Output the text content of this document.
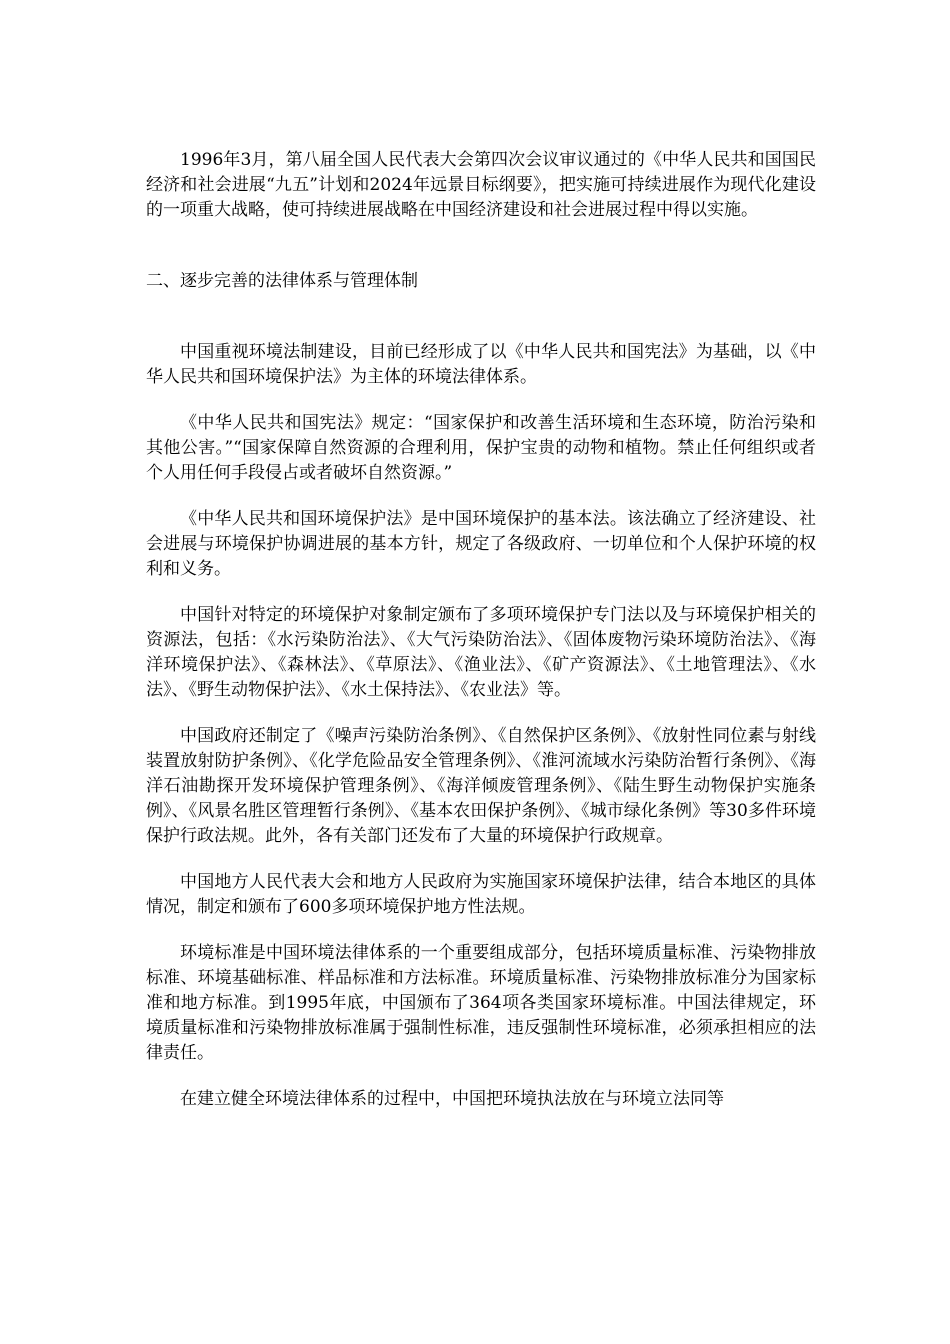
1996年3月，第八届全国人民代表大会第四次会议审议通过的《中华人民共和国国民经济和社会进展“九五”计划和2024年远景目标纲要》，把实施可持续进展作为现代化建设的一项重大战略，使可持续进展战略在中国经济建设和社会进展过程中得以实施。

二、逐步完善的法律体系与管理体制

中国重视环境法制建设，目前已经形成了以《中华人民共和国宪法》为基础，以《中华人民共和国环境保护法》为主体的环境法律体系。

《中华人民共和国宪法》规定：“国家保护和改善生活环境和生态环境，防治污染和其他公害。”“国家保障自然资源的合理利用，保护宝贵的动物和植物。禁止任何组织或者个人用任何手段侵占或者破坏自然资源。”

《中华人民共和国环境保护法》是中国环境保护的基本法。该法确立了经济建设、社会进展与环境保护协调进展的基本方针，规定了各级政府、一切单位和个人保护环境的权利和义务。

中国针对特定的环境保护对象制定颁布了多项环境保护专门法以及与环境保护相关的资源法，包括：《水污染防治法》、《大气污染防治法》、《固体废物污染环境防治法》、《海洋环境保护法》、《森林法》、《草原法》、《渔业法》、《矿产资源法》、《土地管理法》、《水法》、《野生动物保护法》、《水土保持法》、《农业法》等。

中国政府还制定了《噪声污染防治条例》、《自然保护区条例》、《放射性同位素与射线装置放射防护条例》、《化学危险品安全管理条例》、《淮河流域水污染防治暂行条例》、《海洋石油勘探开发环境保护管理条例》、《海洋倾废管理条例》、《陆生野生动物保护实施条例》、《风景名胜区管理暂行条例》、《基本农田保护条例》、《城市绿化条例》等30多件环境保护行政法规。此外，各有关部门还发布了大量的环境保护行政规章。

中国地方人民代表大会和地方人民政府为实施国家环境保护法律，结合本地区的具体情况，制定和颁布了600多项环境保护地方性法规。

环境标准是中国环境法律体系的一个重要组成部分，包括环境质量标准、污染物排放标准、环境基础标准、样品标准和方法标准。环境质量标准、污染物排放标准分为国家标准和地方标准。到1995年底，中国颁布了364项各类国家环境标准。中国法律规定，环境质量标准和污染物排放标准属于强制性标准，违反强制性环境标准，必须承担相应的法律责任。

在建立健全环境法律体系的过程中，中国把环境执法放在与环境立法同等
